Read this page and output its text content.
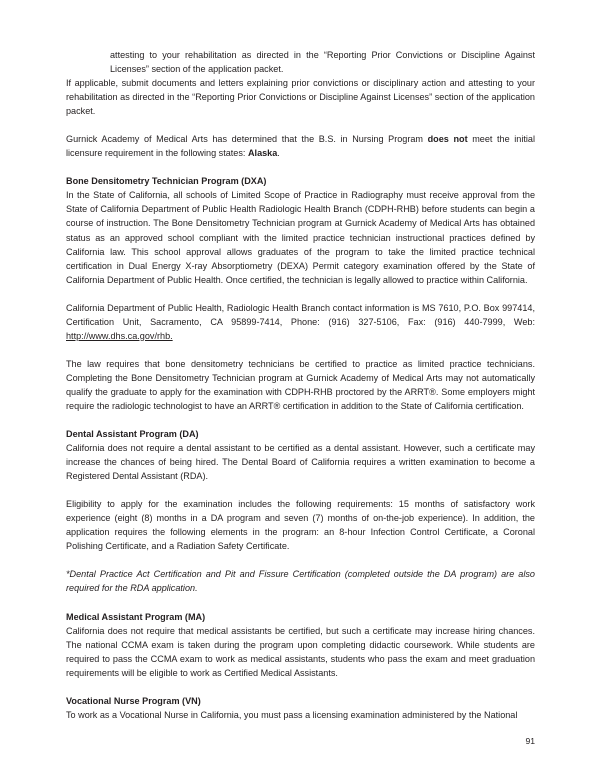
attesting to your rehabilitation as directed in the “Reporting Prior Convictions or Discipline Against Licenses” section of the application packet.

If applicable, submit documents and letters explaining prior convictions or disciplinary action and attesting to your rehabilitation as directed in the “Reporting Prior Convictions or Discipline Against Licenses” section of the application packet.

Gurnick Academy of Medical Arts has determined that the B.S. in Nursing Program does not meet the initial licensure requirement in the following states: Alaska.

Bone Densitometry Technician Program (DXA)

In the State of California, all schools of Limited Scope of Practice in Radiography must receive approval from the State of California Department of Public Health Radiologic Health Branch (CDPH-RHB) before students can begin a course of instruction. The Bone Densitometry Technician program at Gurnick Academy of Medical Arts has obtained status as an approved school compliant with the limited practice technician instructional practices defined by California law. This school approval allows graduates of the program to take the limited practice technical certification in Dual Energy X-ray Absorptiometry (DEXA) Permit category examination offered by the State of California Department of Public Health. Once certified, the technician is legally allowed to practice within California.

California Department of Public Health, Radiologic Health Branch contact information is MS 7610, P.O. Box 997414, Certification Unit, Sacramento, CA 95899-7414, Phone: (916) 327-5106, Fax: (916) 440-7999, Web: http://www.dhs.ca.gov/rhb.

The law requires that bone densitometry technicians be certified to practice as limited practice technicians. Completing the Bone Densitometry Technician program at Gurnick Academy of Medical Arts may not automatically qualify the graduate to apply for the examination with CDPH-RHB proctored by the ARRT®. Some employers might require the radiologic technologist to have an ARRT® certification in addition to the State of California certification.

Dental Assistant Program (DA)

California does not require a dental assistant to be certified as a dental assistant. However, such a certificate may increase the chances of being hired. The Dental Board of California requires a written examination to become a Registered Dental Assistant (RDA).

Eligibility to apply for the examination includes the following requirements: 15 months of satisfactory work experience (eight (8) months in a DA program and seven (7) months of on-the-job experience). In addition, the application requires the following elements in the program: an 8-hour Infection Control Certificate, a Coronal Polishing Certificate, and a Radiation Safety Certificate.

*Dental Practice Act Certification and Pit and Fissure Certification (completed outside the DA program) are also required for the RDA application.

Medical Assistant Program (MA)

California does not require that medical assistants be certified, but such a certificate may increase hiring chances. The national CCMA exam is taken during the program upon completing didactic coursework. While students are required to pass the CCMA exam to work as medical assistants, students who pass the exam and meet graduation requirements will be eligible to work as Certified Medical Assistants.

Vocational Nurse Program (VN)

To work as a Vocational Nurse in California, you must pass a licensing examination administered by the National

91
